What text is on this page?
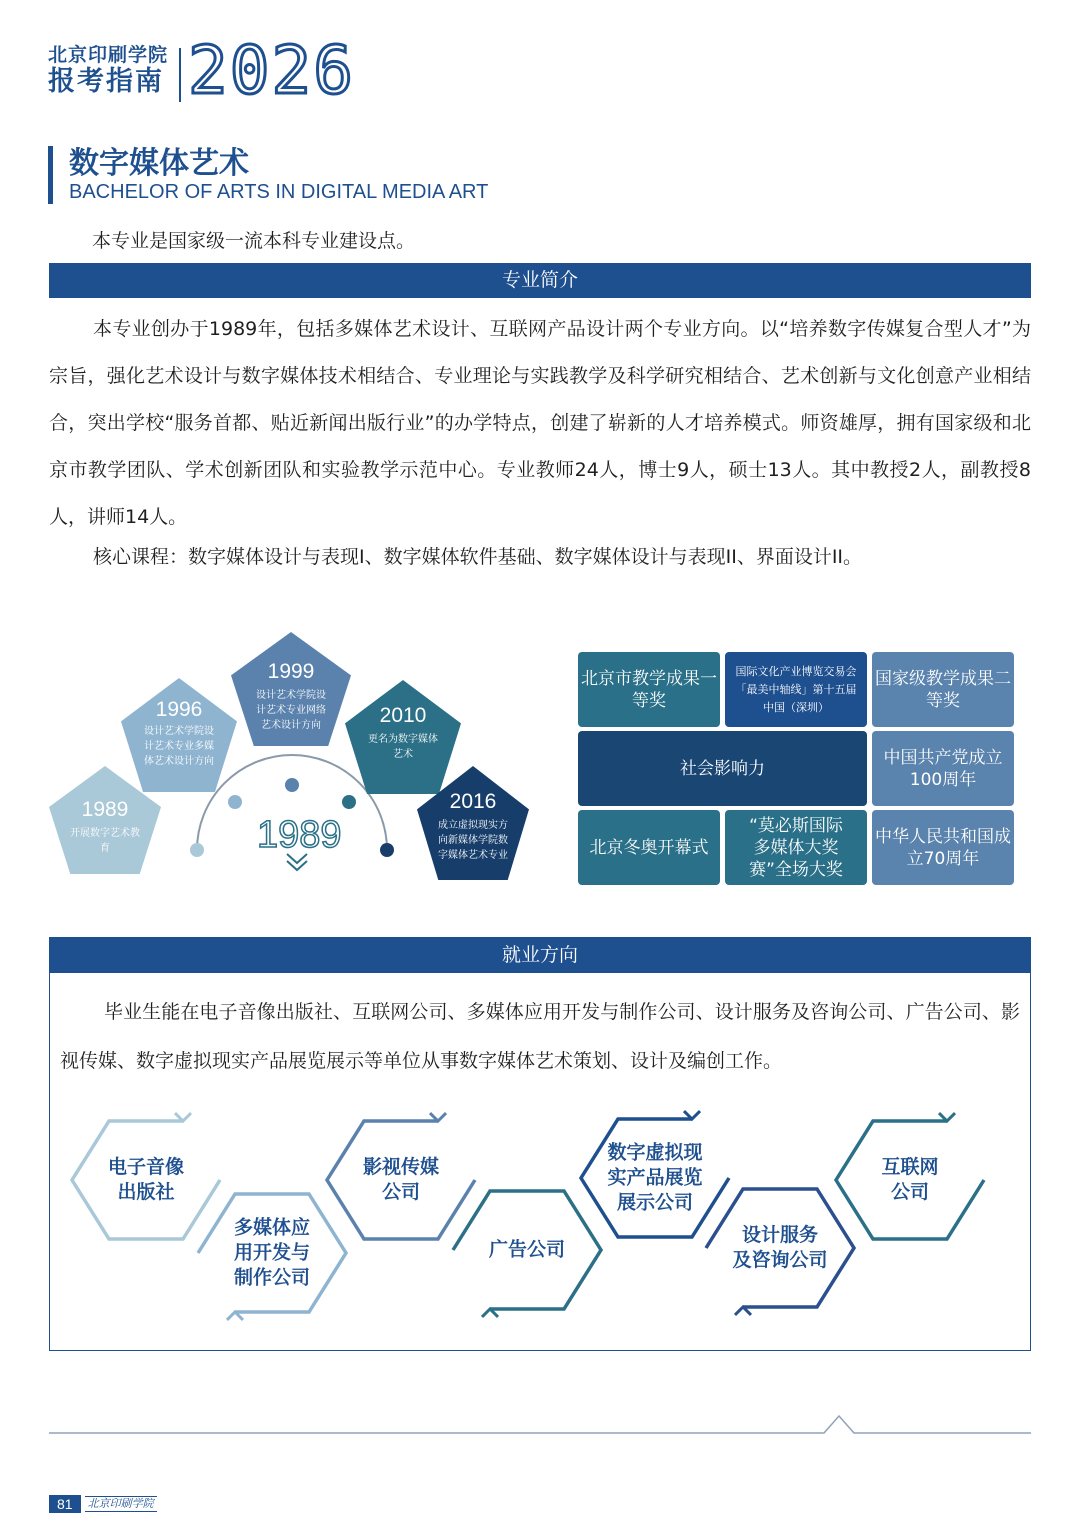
北京印刷学院
报考指南 2026
数字媒体艺术
BACHELOR OF ARTS IN DIGITAL MEDIA ART
本专业是国家级一流本科专业建设点。
专业简介
本专业创办于1989年，包括多媒体艺术设计、互联网产品设计两个专业方向。以“培养数字传媒复合型人才”为宗旨，强化艺术设计与数字媒体技术相结合、专业理论与实践教学及科学研究相结合、艺术创新与文化创意产业相结合，突出学校“服务首都、贴近新闻出版行业”的办学特点，创建了崭新的人才培养模式。师资雄厚，拥有国家级和北京市教学团队、学术创新团队和实验教学示范中心。专业教师24人，博士9人，硕士13人。其中教授2人，副教授8人，讲师14人。
核心课程：数字媒体设计与表现I、数字媒体软件基础、数字媒体设计与表现II、界面设计II。
1989
开展数字艺术教育
1996
设计艺术学院设计艺术专业多媒体艺术设计方向
1999
设计艺术学院设计艺术专业网络艺术设计方向	2010
更名为数字媒体艺术
2016
成立虚拟现实方向新媒体学院数字媒体艺术专业
1989
北京市教学成果一等奖
国际文化产业博览交易会「最美中轴线」第十五届中国（深圳）
国家级教学成果二等奖
社会影响力
中国共产党成立100周年
北京冬奥开幕式
“莫必斯国际多媒体大奖赛”全场大奖
中华人民共和国成立70周年
就业方向
毕业生能在电子音像出版社、互联网公司、多媒体应用开发与制作公司、设计服务及咨询公司、广告公司、影视传媒、数字虚拟现实产品展览展示等单位从事数字媒体艺术策划、设计及编创工作。
电子音像
出版社
多媒体应
用开发与
制作公司
影视传媒
公司
广告公司
数字虚拟现
实产品展览
展示公司
设计服务
及咨询公司
互联网
公司
81	北京印刷学院
